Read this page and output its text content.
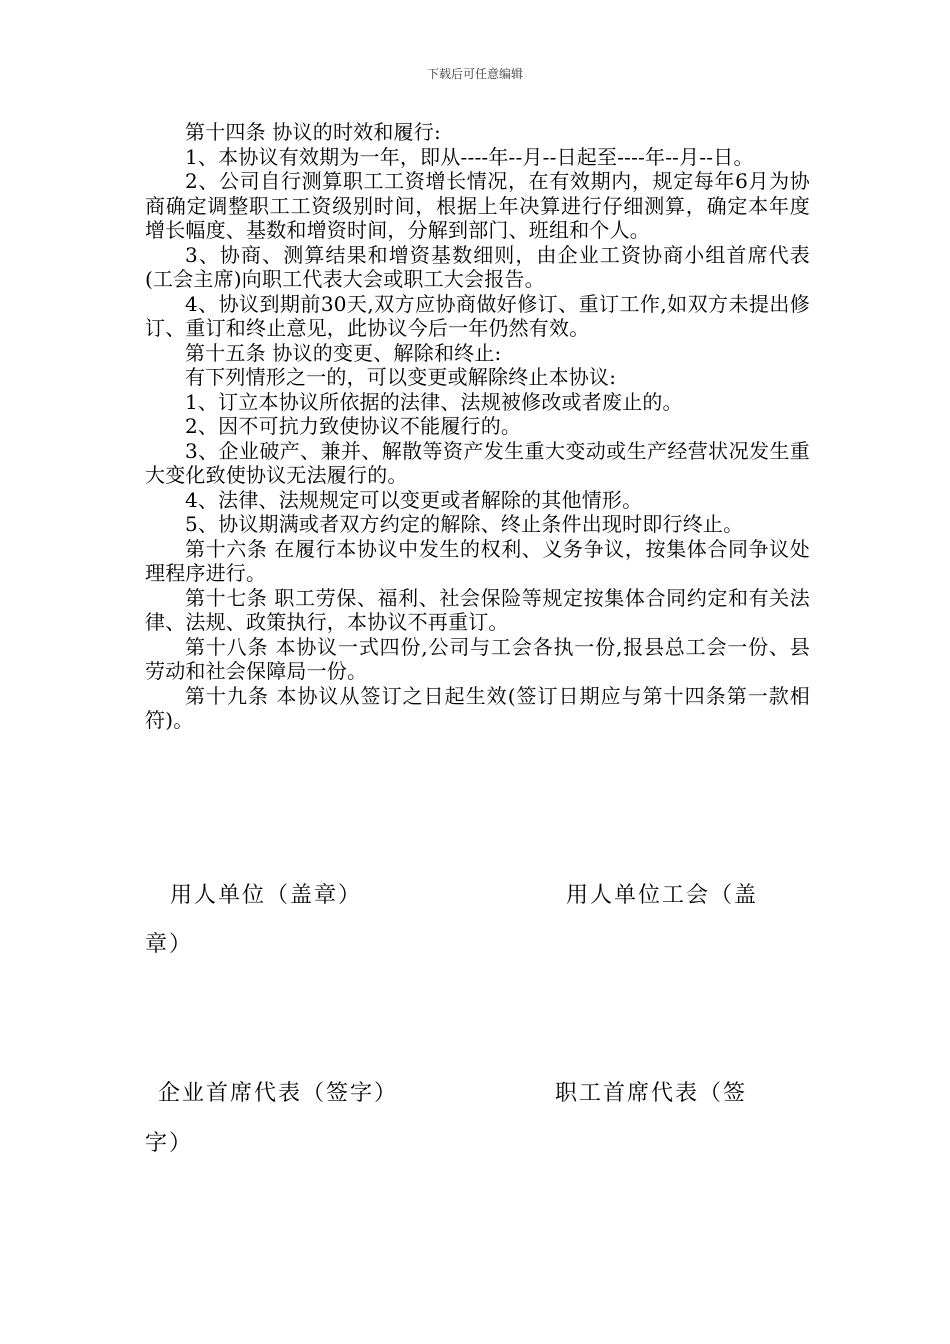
下载后可任意编辑

第十四条 协议的时效和履行:

1、本协议有效期为一年，即从----年--月--日起至----年--月--日。

2、公司自行测算职工工资增长情况，在有效期内，规定每年6月为协商确定调整职工工资级别时间，根据上年决算进行仔细测算，确定本年度增长幅度、基数和增资时间，分解到部门、班组和个人。

3、协商、测算结果和增资基数细则，由企业工资协商小组首席代表(工会主席)向职工代表大会或职工大会报告。

4、协议到期前30天,双方应协商做好修订、重订工作,如双方未提出修订、重订和终止意见，此协议今后一年仍然有效。

第十五条 协议的变更、解除和终止:

有下列情形之一的，可以变更或解除终止本协议:

1、订立本协议所依据的法律、法规被修改或者废止的。

2、因不可抗力致使协议不能履行的。

3、企业破产、兼并、解散等资产发生重大变动或生产经营状况发生重大变化致使协议无法履行的。

4、法律、法规规定可以变更或者解除的其他情形。

5、协议期满或者双方约定的解除、终止条件出现时即行终止。

第十六条 在履行本协议中发生的权利、义务争议，按集体合同争议处理程序进行。

第十七条 职工劳保、福利、社会保险等规定按集体合同约定和有关法律、法规、政策执行，本协议不再重订。

第十八条 本协议一式四份,公司与工会各执一份,报县总工会一份、县劳动和社会保障局一份。

第十九条 本协议从签订之日起生效(签订日期应与第十四条第一款相符)。

用人单位（盖章）	用人单位工会（盖
章）
企业首席代表（签字）	职工首席代表（签
字）
